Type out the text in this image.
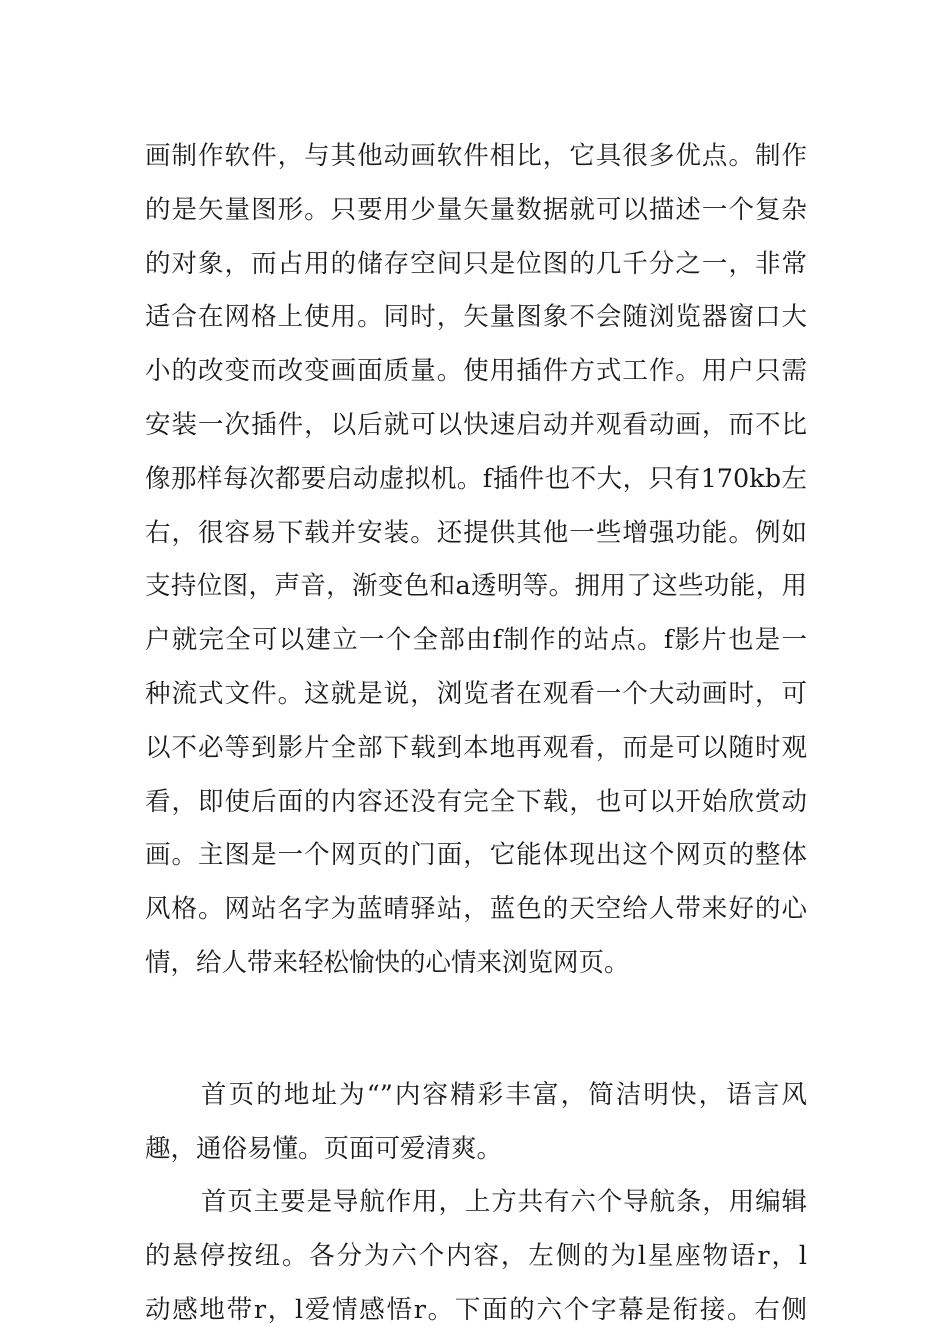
画制作软件，与其他动画软件相比，它具很多优点。制作
的是矢量图形。只要用少量矢量数据就可以描述一个复杂
的对象，而占用的储存空间只是位图的几千分之一，非常
适合在网格上使用。同时，矢量图象不会随浏览器窗口大
小的改变而改变画面质量。使用插件方式工作。用户只需
安装一次插件，以后就可以快速启动并观看动画，而不比
像那样每次都要启动虚拟机。f插件也不大，只有170kb左
右，很容易下载并安装。还提供其他一些增强功能。例如
支持位图，声音，渐变色和a透明等。拥用了这些功能，用
户就完全可以建立一个全部由f制作的站点。f影片也是一
种流式文件。这就是说，浏览者在观看一个大动画时，可
以不必等到影片全部下载到本地再观看，而是可以随时观
看，即使后面的内容还没有完全下载，也可以开始欣赏动
画。主图是一个网页的门面，它能体现出这个网页的整体
风格。网站名字为蓝晴驿站，蓝色的天空给人带来好的心
情，给人带来轻松愉快的心情来浏览网页。
首页的地址为“”内容精彩丰富，简洁明快，语言风
趣，通俗易懂。页面可爱清爽。
首页主要是导航作用，上方共有六个导航条，用编辑
的悬停按纽。各分为六个内容，左侧的为l星座物语r，l
动感地带r，l爱情感悟r。下面的六个字幕是衔接。右侧
